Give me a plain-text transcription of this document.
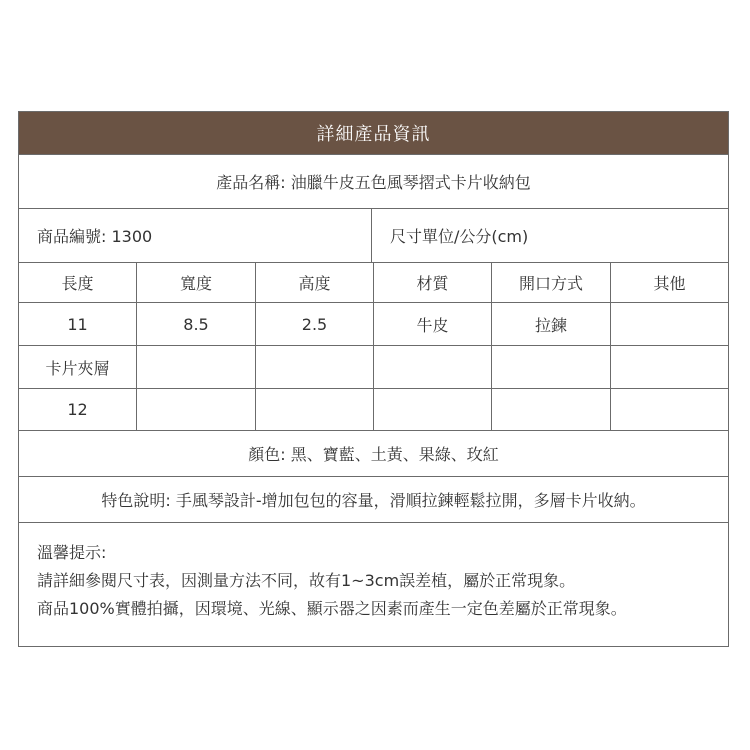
詳細產品資訊
產品名稱: 油臘牛皮五色風琴摺式卡片收納包
商品編號: 1300	尺寸單位/公分(cm)
長度	寬度	高度	材質	開口方式	其他
11	8.5	2.5	牛皮	拉鍊
卡片夾層
12
顏色: 黑、寶藍、土黃、果綠、玫紅
特色說明: 手風琴設計-增加包包的容量，滑順拉鍊輕鬆拉開，多層卡片收納。
溫馨提示:
請詳細參閱尺寸表，因測量方法不同，故有1~3cm誤差植，屬於正常現象。
商品100%實體拍攝，因環境、光線、顯示器之因素而產生一定色差屬於正常現象。
